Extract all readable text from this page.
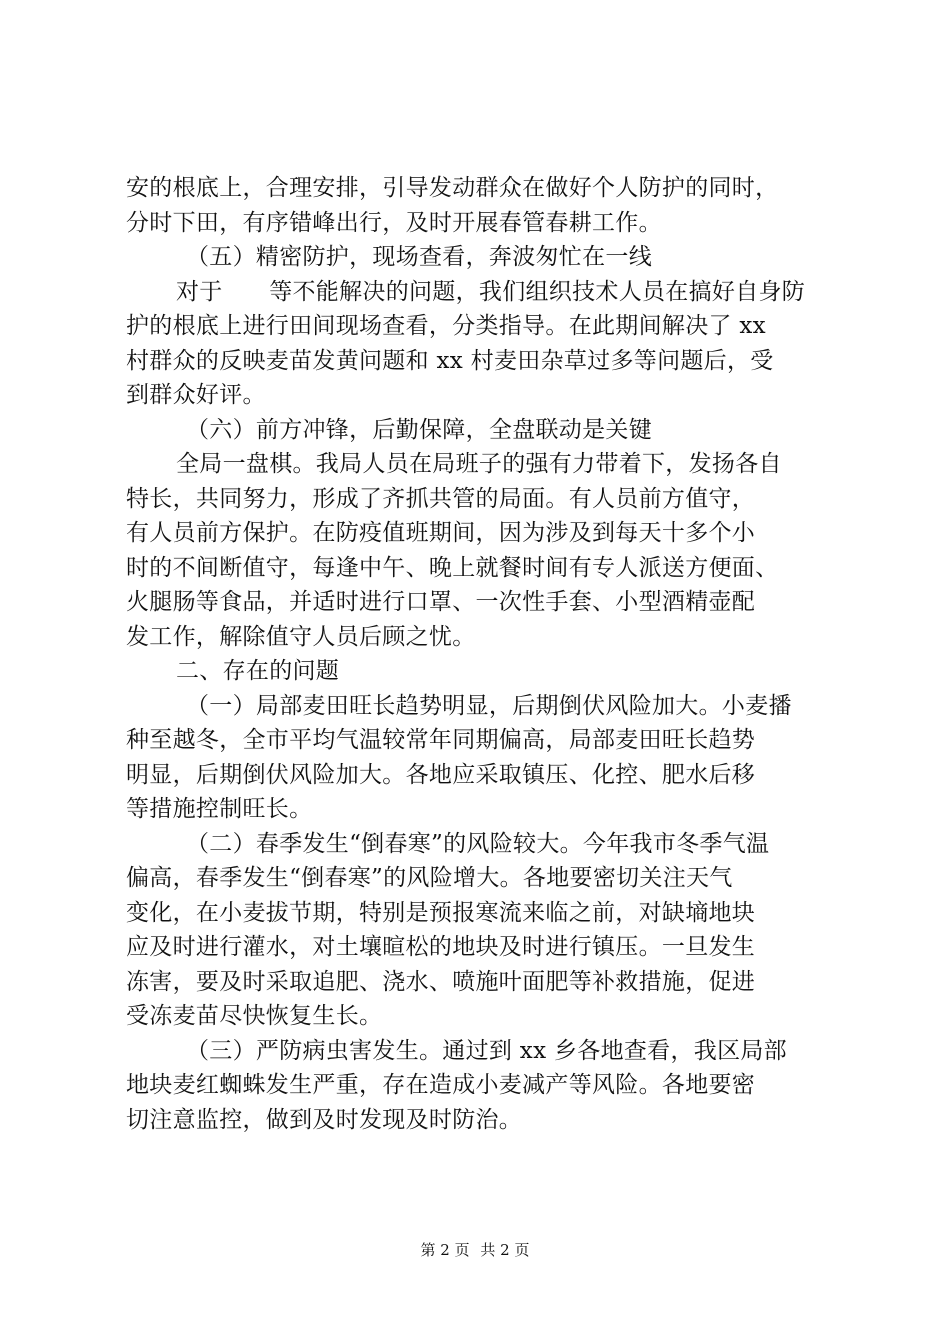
安的根底上，合理安排，引导发动群众在做好个人防护的同时，
分时下田，有序错峰出行，及时开展春管春耕工作。
（五）精密防护，现场查看，奔波匆忙在一线
对于　　等不能解决的问题，我们组织技术人员在搞好自身防
护的根底上进行田间现场查看，分类指导。在此期间解决了 xx
村群众的反映麦苗发黄问题和 xx 村麦田杂草过多等问题后，受
到群众好评。
（六）前方冲锋，后勤保障，全盘联动是关键
全局一盘棋。我局人员在局班子的强有力带着下，发扬各自
特长，共同努力，形成了齐抓共管的局面。有人员前方值守，
有人员前方保护。在防疫值班期间，因为涉及到每天十多个小
时的不间断值守，每逢中午、晚上就餐时间有专人派送方便面、
火腿肠等食品，并适时进行口罩、一次性手套、小型酒精壶配
发工作，解除值守人员后顾之忧。
二、存在的问题
（一）局部麦田旺长趋势明显，后期倒伏风险加大。小麦播
种至越冬，全市平均气温较常年同期偏高，局部麦田旺长趋势
明显，后期倒伏风险加大。各地应采取镇压、化控、肥水后移
等措施控制旺长。
（二）春季发生“倒春寒”的风险较大。今年我市冬季气温
偏高，春季发生“倒春寒”的风险增大。各地要密切关注天气
变化，在小麦拔节期，特别是预报寒流来临之前，对缺墒地块
应及时进行灌水，对土壤暄松的地块及时进行镇压。一旦发生
冻害，要及时采取追肥、浇水、喷施叶面肥等补救措施，促进
受冻麦苗尽快恢复生长。
（三）严防病虫害发生。通过到 xx 乡各地查看，我区局部
地块麦红蜘蛛发生严重，存在造成小麦减产等风险。各地要密
切注意监控，做到及时发现及时防治。
第 2 页 共 2 页
